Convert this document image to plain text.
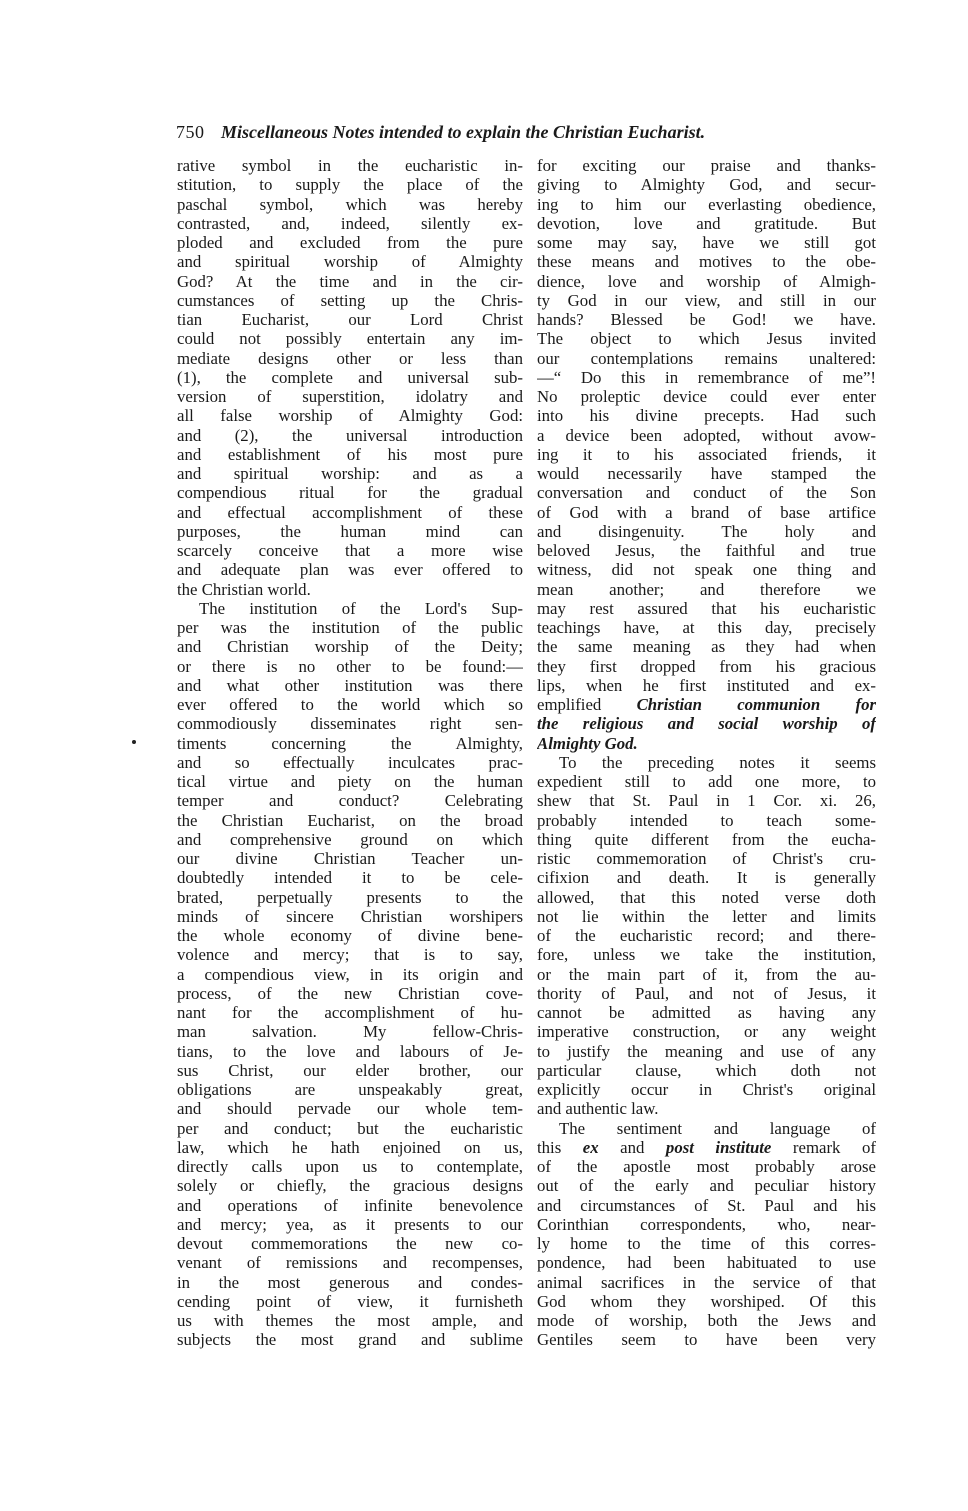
750 Miscellaneous Notes intended to explain the Christian Eucharist.
rative symbol in the eucharistic in-
stitution, to supply the place of the
paschal symbol, which was hereby
contrasted, and, indeed, silently ex-
ploded and excluded from the pure
and spiritual worship of Almighty
God? At the time and in the cir-
cumstances of setting up the Chris-
tian Eucharist, our Lord Christ
could not possibly entertain any im-
mediate designs other or less than
(1), the complete and universal sub-
version of superstition, idolatry and
all false worship of Almighty God:
and (2), the universal introduction
and establishment of his most pure
and spiritual worship: and as a
compendious ritual for the gradual
and effectual accomplishment of these
purposes, the human mind can
scarcely conceive that a more wise
and adequate plan was ever offered to
the Christian world.
The institution of the Lord's Sup-
per was the institution of the public
and Christian worship of the Deity;
or there is no other to be found:—
and what other institution was there
ever offered to the world which so
commodiously disseminates right sen-
timents concerning the Almighty,
and so effectually inculcates prac-
tical virtue and piety on the human
temper and conduct? Celebrating
the Christian Eucharist, on the broad
and comprehensive ground on which
our divine Christian Teacher un-
doubtedly intended it to be cele-
brated, perpetually presents to the
minds of sincere Christian worshipers
the whole economy of divine bene-
volence and mercy; that is to say,
a compendious view, in its origin and
process, of the new Christian cove-
nant for the accomplishment of hu-
man salvation. My fellow-Chris-
tians, to the love and labours of Je-
sus Christ, our elder brother, our
obligations are unspeakably great,
and should pervade our whole tem-
per and conduct; but the eucharistic
law, which he hath enjoined on us,
directly calls upon us to contemplate,
solely or chiefly, the gracious designs
and operations of infinite benevolence
and mercy; yea, as it presents to our
devout commemorations the new co-
venant of remissions and recompenses,
in the most generous and condes-
cending point of view, it furnisheth
us with themes the most ample, and
subjects the most grand and sublime
for exciting our praise and thanks-
giving to Almighty God, and secur-
ing to him our everlasting obedience,
devotion, love and gratitude. But
some may say, have we still got
these means and motives to the obe-
dience, love and worship of Almigh-
ty God in our view, and still in our
hands? Blessed be God! we have.
The object to which Jesus invited
our contemplations remains unaltered:
—“ Do this in remembrance of me”!
No proleptic device could ever enter
into his divine precepts. Had such
a device been adopted, without avow-
ing it to his associated friends, it
would necessarily have stamped the
conversation and conduct of the Son
of God with a brand of base artifice
and disingenuity. The holy and
beloved Jesus, the faithful and true
witness, did not speak one thing and
mean another; and therefore we
may rest assured that his eucharistic
teachings have, at this day, precisely
the same meaning as they had when
they first dropped from his gracious
lips, when he first instituted and ex-
emplified Christian communion for
the religious and social worship of
Almighty God.
To the preceding notes it seems
expedient still to add one more, to
shew that St. Paul in 1 Cor. xi. 26,
probably intended to teach some-
thing quite different from the eucha-
ristic commemoration of Christ's cru-
cifixion and death. It is generally
allowed, that this noted verse doth
not lie within the letter and limits
of the eucharistic record; and there-
fore, unless we take the institution,
or the main part of it, from the au-
thority of Paul, and not of Jesus, it
cannot be admitted as having any
imperative construction, or any weight
to justify the meaning and use of any
particular clause, which doth not
explicitly occur in Christ's original
and authentic law.
The sentiment and language of
this ex and post institute remark of
of the apostle most probably arose
out of the early and peculiar history
and circumstances of St. Paul and his
Corinthian correspondents, who, near-
ly home to the time of this corres-
pondence, had been habituated to use
animal sacrifices in the service of that
God whom they worshiped. Of this
mode of worship, both the Jews and
Gentiles seem to have been very
